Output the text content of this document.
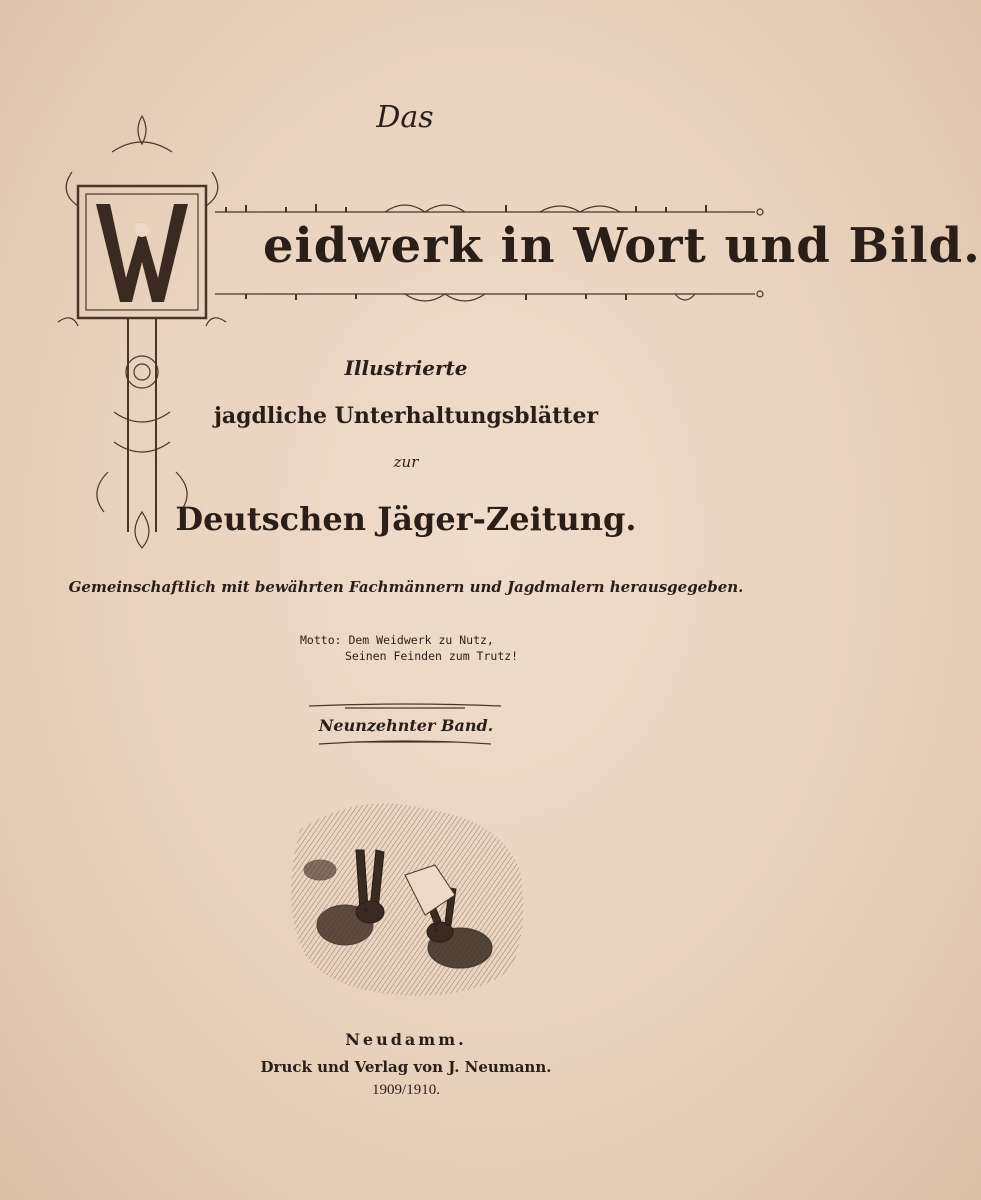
Das
eidwerk in Wort und Bild.
Illustrierte
jagdliche Unterhaltungsblätter
zur
Deutschen Jäger-Zeitung.
Gemeinschaftlich mit bewährten Fachmännern und Jagdmalern herausgegeben.
Motto: Dem Weidwerk zu Nutz,
Seinen Feinden zum Trutz!
Neunzehnter Band.
Neudamm.
Druck und Verlag von J. Neumann.
1909/1910.
